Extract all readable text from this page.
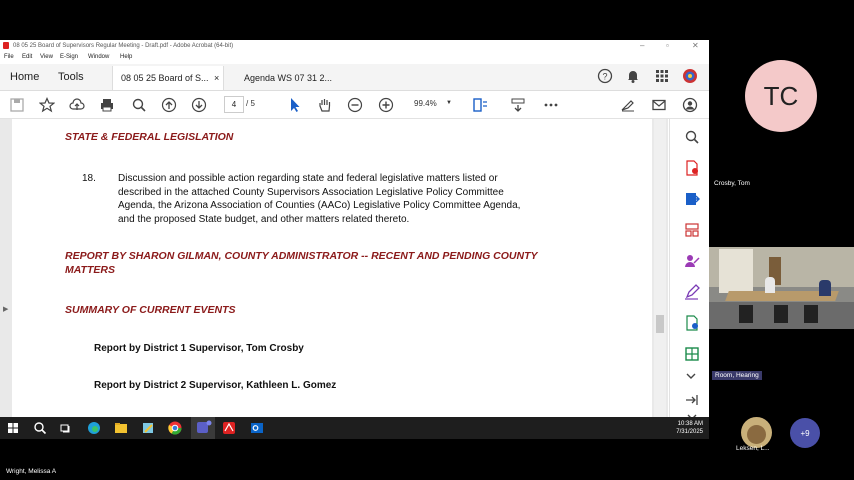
08 05 25 Board of Supervisors Regular Meeting - Draft.pdf - Adobe Acrobat (64-bit)	–	▫	✕
File Edit View E-Sign Window Help
Home Tools	08 05 25 Board of S... ×	Agenda WS 07 31 2...	?
4	/ 5	99.4% ▼
▶
STATE & FEDERAL LEGISLATION
18. Discussion and possible action regarding state and federal legislative matters listed or
described in the attached County Supervisors Association Legislative Policy Committee
Agenda, the Arizona Association of Counties (AACo) Legislative Policy Committee Agenda,
and the proposed State budget, and other matters related thereto.
REPORT BY SHARON GILMAN, COUNTY ADMINISTRATOR -- RECENT AND PENDING COUNTY
MATTERS
SUMMARY OF CURRENT EVENTS
Report by District 1 Supervisor, Tom Crosby
Report by District 2 Supervisor, Kathleen L. Gomez
10:38 AM
7/31/2025
TC
Crosby, Tom
Room, Hearing
Leksen, L...
+9
Wright, Melissa A
